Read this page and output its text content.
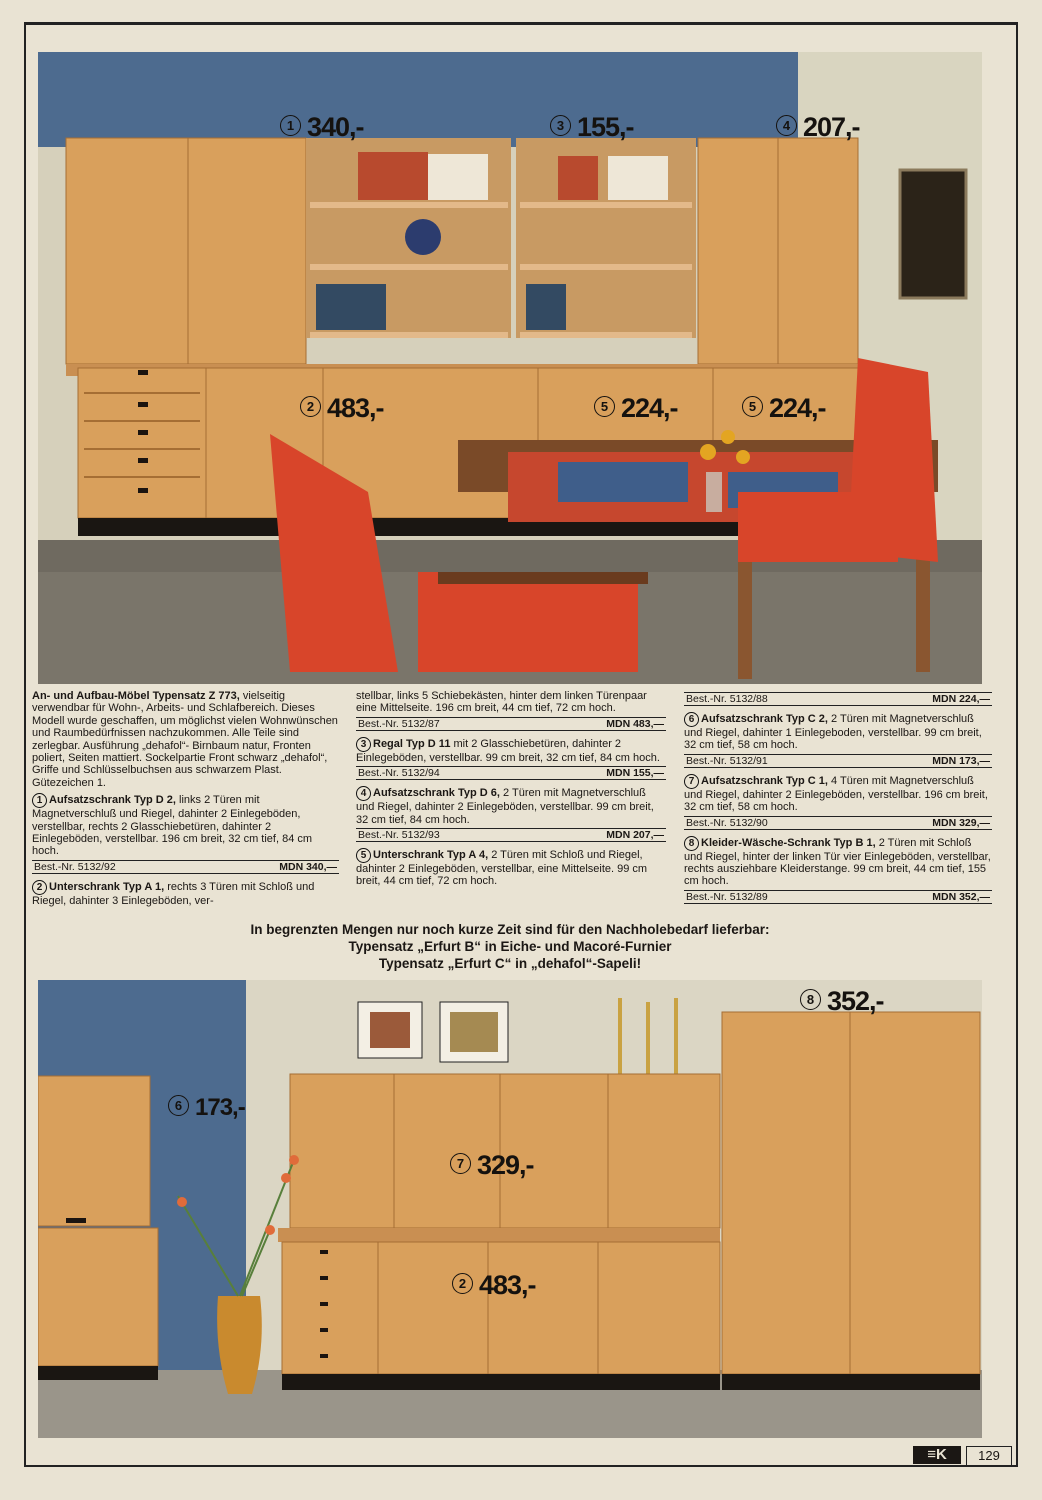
1 340,-	3 155,-	4 207,-
2 483,-	5 224,-	5 224,-

An- und Aufbau-Möbel Typensatz Z 773, vielseitig verwendbar für Wohn-, Arbeits- und Schlafbereich. Dieses Modell wurde geschaffen, um möglichst vielen Wohnwünschen und Raumbedürfnissen nachzukommen. Alle Teile sind zerlegbar. Ausführung „dehafol“- Birnbaum natur, Fronten poliert, Seiten mattiert. Sockelpartie Front schwarz „dehafol“, Griffe und Schlüsselbuchsen aus schwarzem Plast. Gütezeichen 1.

1 Aufsatzschrank Typ D 2, links 2 Türen mit Magnetverschluß und Riegel, dahinter 2 Einlegeböden, verstellbar, rechts 2 Glasschiebetüren, dahinter 2 Einlegeböden, verstellbar. 196 cm breit, 32 cm tief, 84 cm hoch.

Best.-Nr. 5132/92	MDN 340,—

2 Unterschrank Typ A 1, rechts 3 Türen mit Schloß und Riegel, dahinter 3 Einlegeböden, ver-

stellbar, links 5 Schiebekästen, hinter dem linken Türenpaar eine Mittelseite. 196 cm breit, 44 cm tief, 72 cm hoch.

Best.-Nr. 5132/87	MDN 483,—

3 Regal Typ D 11 mit 2 Glasschiebetüren, dahinter 2 Einlegeböden, verstellbar. 99 cm breit, 32 cm tief, 84 cm hoch.

Best.-Nr. 5132/94	MDN 155,—

4 Aufsatzschrank Typ D 6, 2 Türen mit Magnetverschluß und Riegel, dahinter 2 Einlegeböden, verstellbar. 99 cm breit, 32 cm tief, 84 cm hoch.

Best.-Nr. 5132/93	MDN 207,—

5 Unterschrank Typ A 4, 2 Türen mit Schloß und Riegel, dahinter 2 Einlegeböden, verstellbar, eine Mittelseite. 99 cm breit, 44 cm tief, 72 cm hoch.

Best.-Nr. 5132/88	MDN 224,—

6 Aufsatzschrank Typ C 2, 2 Türen mit Magnetverschluß und Riegel, dahinter 1 Einlegeboden, verstellbar. 99 cm breit, 32 cm tief, 58 cm hoch.

Best.-Nr. 5132/91	MDN 173,—

7 Aufsatzschrank Typ C 1, 4 Türen mit Magnetverschluß und Riegel, dahinter 2 Einlegeböden, verstellbar. 196 cm breit, 32 cm tief, 58 cm hoch.

Best.-Nr. 5132/90	MDN 329,—

8 Kleider-Wäsche-Schrank Typ B 1, 2 Türen mit Schloß und Riegel, hinter der linken Tür vier Einlegeböden, verstellbar, rechts ausziehbare Kleiderstange. 99 cm breit, 44 cm tief, 155 cm hoch.

Best.-Nr. 5132/89	MDN 352,—
In begrenzten Mengen nur noch kurze Zeit sind für den Nachholebedarf lieferbar:
Typensatz „Erfurt B“ in Eiche- und Macoré-Furnier
Typensatz „Erfurt C“ in „dehafol“-Sapeli!
8 352,-
6 173,-
7 329,-
2 483,-
≡K	129
